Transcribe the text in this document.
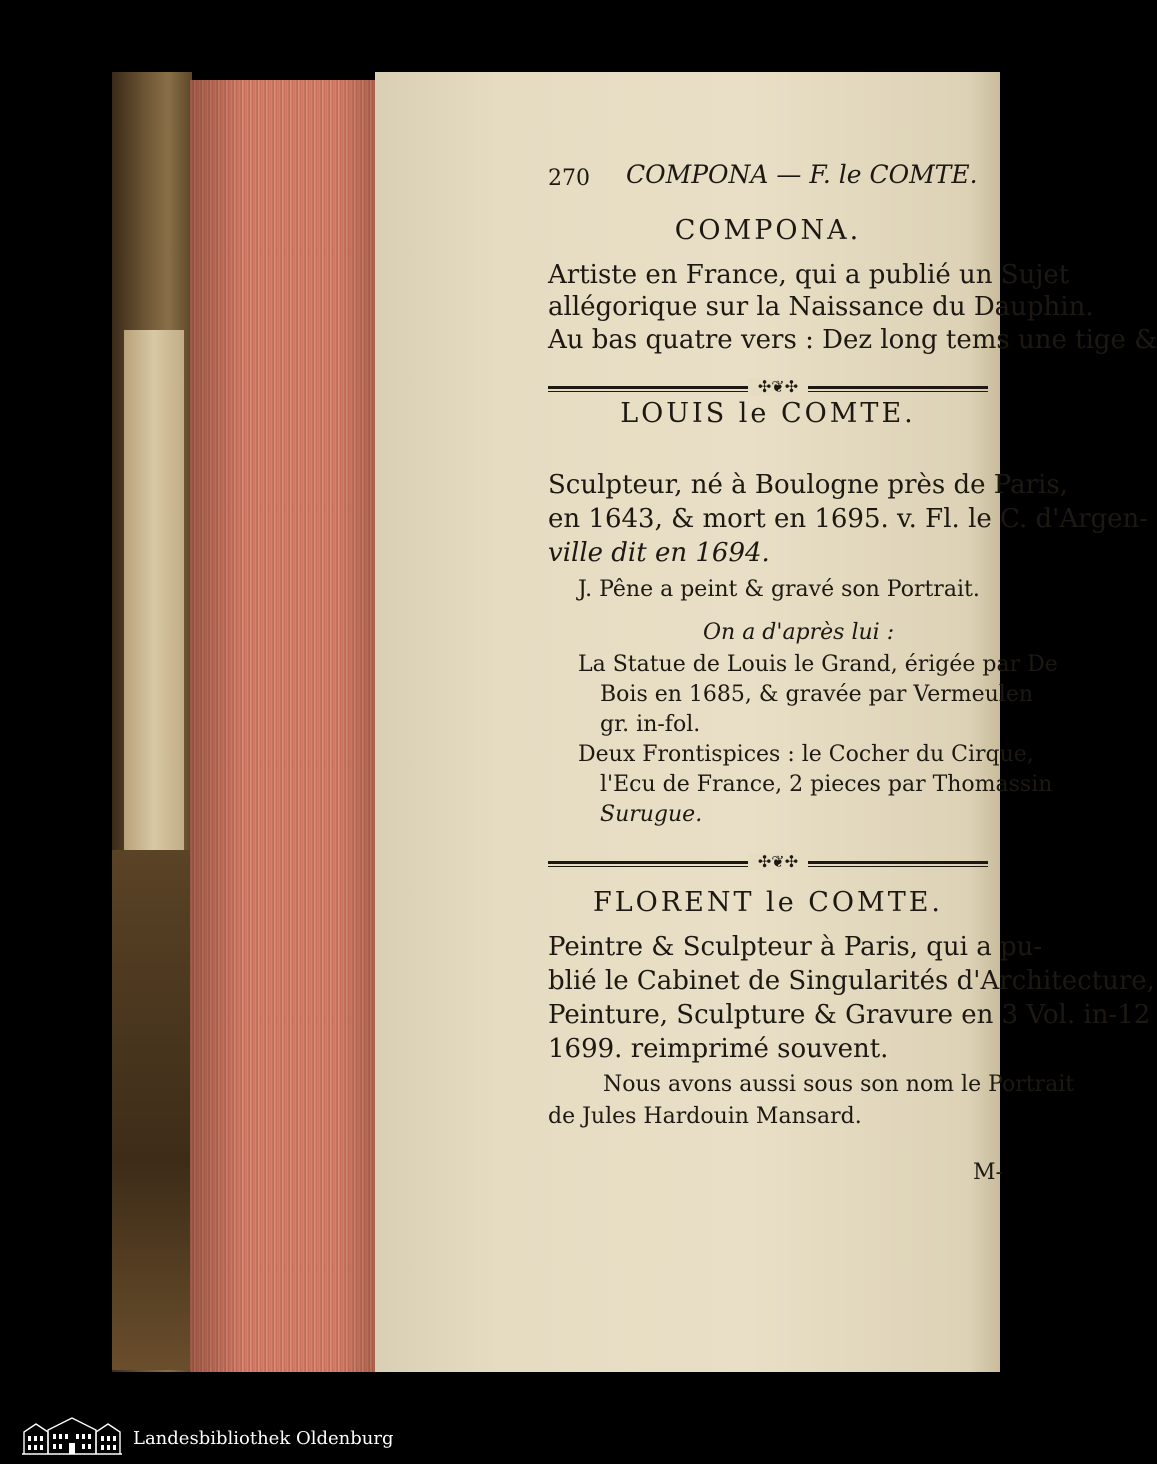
270 COMPONA — F. le COMTE.
COMPONA.
Artiste en France, qui a publié un Sujet
allégorique sur la Naissance du Dauphin.
Au bas quatre vers : Dez long tems une tige &
✣❦✣
LOUIS le COMTE.
Sculpteur, né à Boulogne près de Paris,
en 1643, & mort en 1695. v. Fl. le C. d'Argen-
ville dit en 1694.
J. Pêne a peint & gravé son Portrait.
On a d'après lui :
La Statue de Louis le Grand, érigée par De
Bois en 1685, & gravée par Vermeulen
gr. in-fol.
Deux Frontispices : le Cocher du Cirque,
l'Ecu de France, 2 pieces par Thomassin
Surugue.
✣❦✣
FLORENT le COMTE.
Peintre & Sculpteur à Paris, qui a pu-
blié le Cabinet de Singularités d'Architecture,
Peinture, Sculpture & Gravure en 3 Vol. in-12
1699. reimprimé souvent.
Nous avons aussi sous son nom le Portrait
de Jules Hardouin Mansard.
M-
Landesbibliothek Oldenburg
